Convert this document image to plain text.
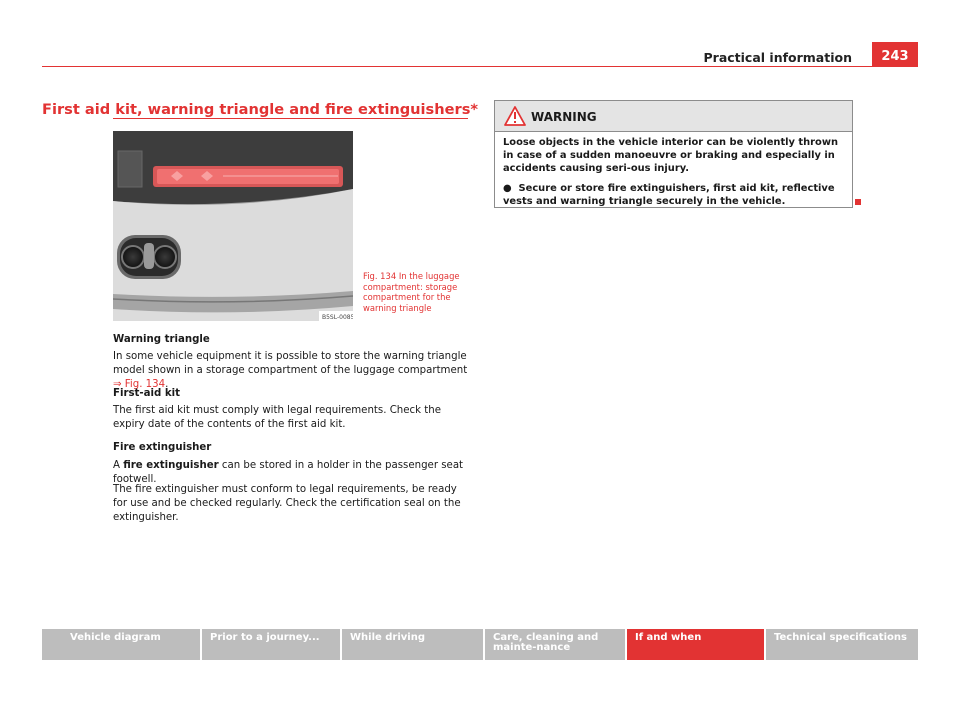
Practical information	243
First aid kit, warning triangle and fire extinguishers*
B5SL-0085
Fig. 134 In the luggage compartment: storage compartment for the warning triangle
Warning triangle
In some vehicle equipment it is possible to store the warning triangle model shown in a storage compartment of the luggage compartment ⇒ Fig. 134.
First-aid kit
The first aid kit must comply with legal requirements. Check the expiry date of the contents of the first aid kit.
Fire extinguisher
A fire extinguisher can be stored in a holder in the passenger seat footwell.
The fire extinguisher must conform to legal requirements, be ready for use and be checked regularly. Check the certification seal on the extinguisher.
WARNING
Loose objects in the vehicle interior can be violently thrown in case of a sudden manoeuvre or braking and especially in accidents causing seri-ous injury.
● Secure or store fire extinguishers, first aid kit, reflective vests and warning triangle securely in the vehicle.
Vehicle diagram	Prior to a journey...	While driving	Care, cleaning and mainte-nance
If and when	Technical specifications
